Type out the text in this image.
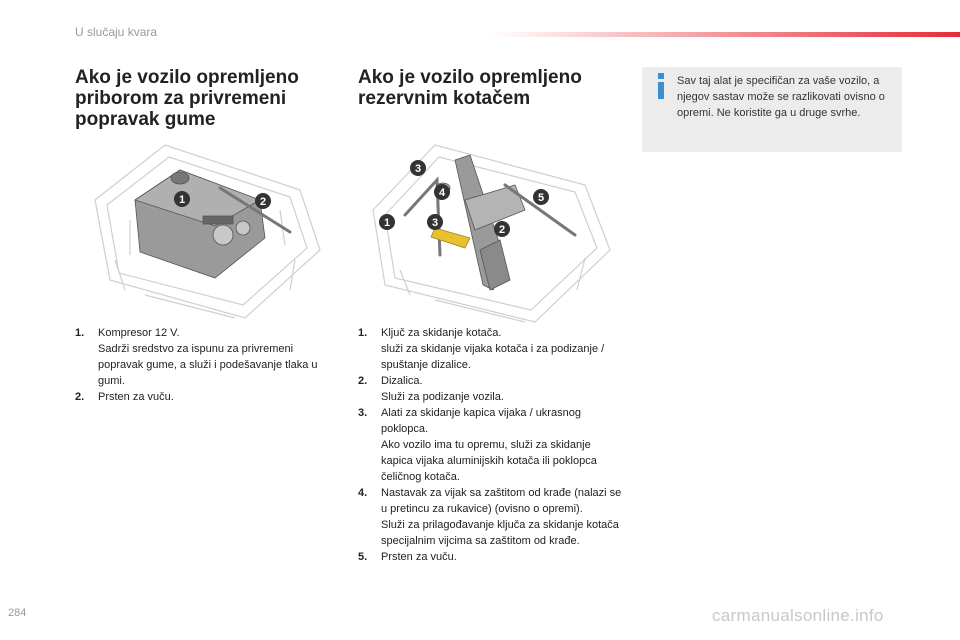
U slučaju kvara
Ako je vozilo opremljeno priborom za privremeni popravak gume
Ako je vozilo opremljeno rezervnim kotačem
Sav taj alat je specifičan za vaše vozilo, a njegov sastav može se razlikovati ovisno o opremi. Ne koristite ga u druge svrhe.
1	2
1
2
3
3
4	5
1.	Kompresor 12 V.
Sadrži sredstvo za ispunu za privremeni popravak gume, a služi i podešavanje tlaka u gumi.
2.	Prsten za vuču.
1.	Ključ za skidanje kotača.
služi za skidanje vijaka kotača i za podizanje / spuštanje dizalice.
2.	Dizalica.
Služi za podizanje vozila.
3.	Alati za skidanje kapica vijaka / ukrasnog poklopca.
Ako vozilo ima tu opremu, služi za skidanje kapica vijaka aluminijskih kotača ili poklopca čeličnog kotača.
4.	Nastavak za vijak sa zaštitom od krađe (nalazi se u pretincu za rukavice) (ovisno o opremi).
Služi za prilagođavanje ključa za skidanje kotača specijalnim vijcima sa zaštitom od krađe.
5.	Prsten za vuču.
284	carmanualsonline.info
